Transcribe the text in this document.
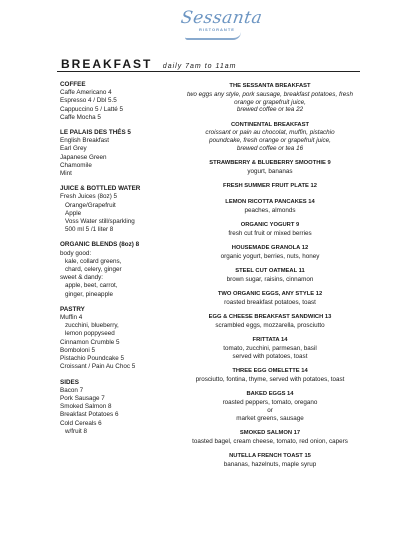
Sessanta
RISTORANTE
BREAKFAST daily 7am to 11am
COFFEE
Caffe Americano 4
Espresso 4 / Dbl 5.5
Cappuccino 5 / Latté 5
Caffe Mocha 5
LE PALAIS DES THÉS 5
English Breakfast
Earl Grey
Japanese Green
Chamomile
Mint
JUICE & BOTTLED WATER
Fresh Juices (8oz) 5
Orange/Grapefruit
Apple
Voss Water still/sparkling
500 ml 5 /1 liter 8
ORGANIC BLENDS (8oz) 8
body good:
kale, collard greens,
chard, celery, ginger
sweet & dandy:
apple, beet, carrot,
ginger, pineapple
PASTRY
Muffin 4
zucchini, blueberry,
lemon poppyseed
Cinnamon Crumble 5
Bomboloni 5
Pistachio Poundcake 5
Croissant / Pain Au Choc 5
SIDES
Bacon 7
Pork Sausage 7
Smoked Salmon 8
Breakfast Potatoes 6
Cold Cereals 6
w/fruit 8
THE SESSANTA BREAKFAST
two eggs any style, pork sausage, breakfast potatoes, fresh
orange or grapefruit juice,
brewed coffee or tea 22
CONTINENTAL BREAKFAST
croissant or pain au chocolat, muffin, pistachio
poundcake, fresh orange or grapefruit juice,
brewed coffee or tea 16
STRAWBERRY & BLUEBERRY SMOOTHIE 9
yogurt, bananas
FRESH SUMMER FRUIT PLATE 12
LEMON RICOTTA PANCAKES 14
peaches, almonds
ORGANIC YOGURT 9
fresh cut fruit or mixed berries
HOUSEMADE GRANOLA 12
organic yogurt, berries, nuts, honey
STEEL CUT OATMEAL 11
brown sugar, raisins, cinnamon
TWO ORGANIC EGGS, ANY STYLE 12
roasted breakfast potatoes, toast
EGG & CHEESE BREAKFAST SANDWICH 13
scrambled eggs, mozzarella, prosciutto
FRITTATA 14
tomato, zucchini, parmesan, basil
served with potatoes, toast
THREE EGG OMELETTE 14
prosciutto, fontina, thyme, served with potatoes, toast
BAKED EGGS 14
roasted peppers, tomato, oregano
or
market greens, sausage
SMOKED SALMON 17
toasted bagel, cream cheese, tomato, red onion, capers
NUTELLA FRENCH TOAST 15
bananas, hazelnuts, maple syrup
